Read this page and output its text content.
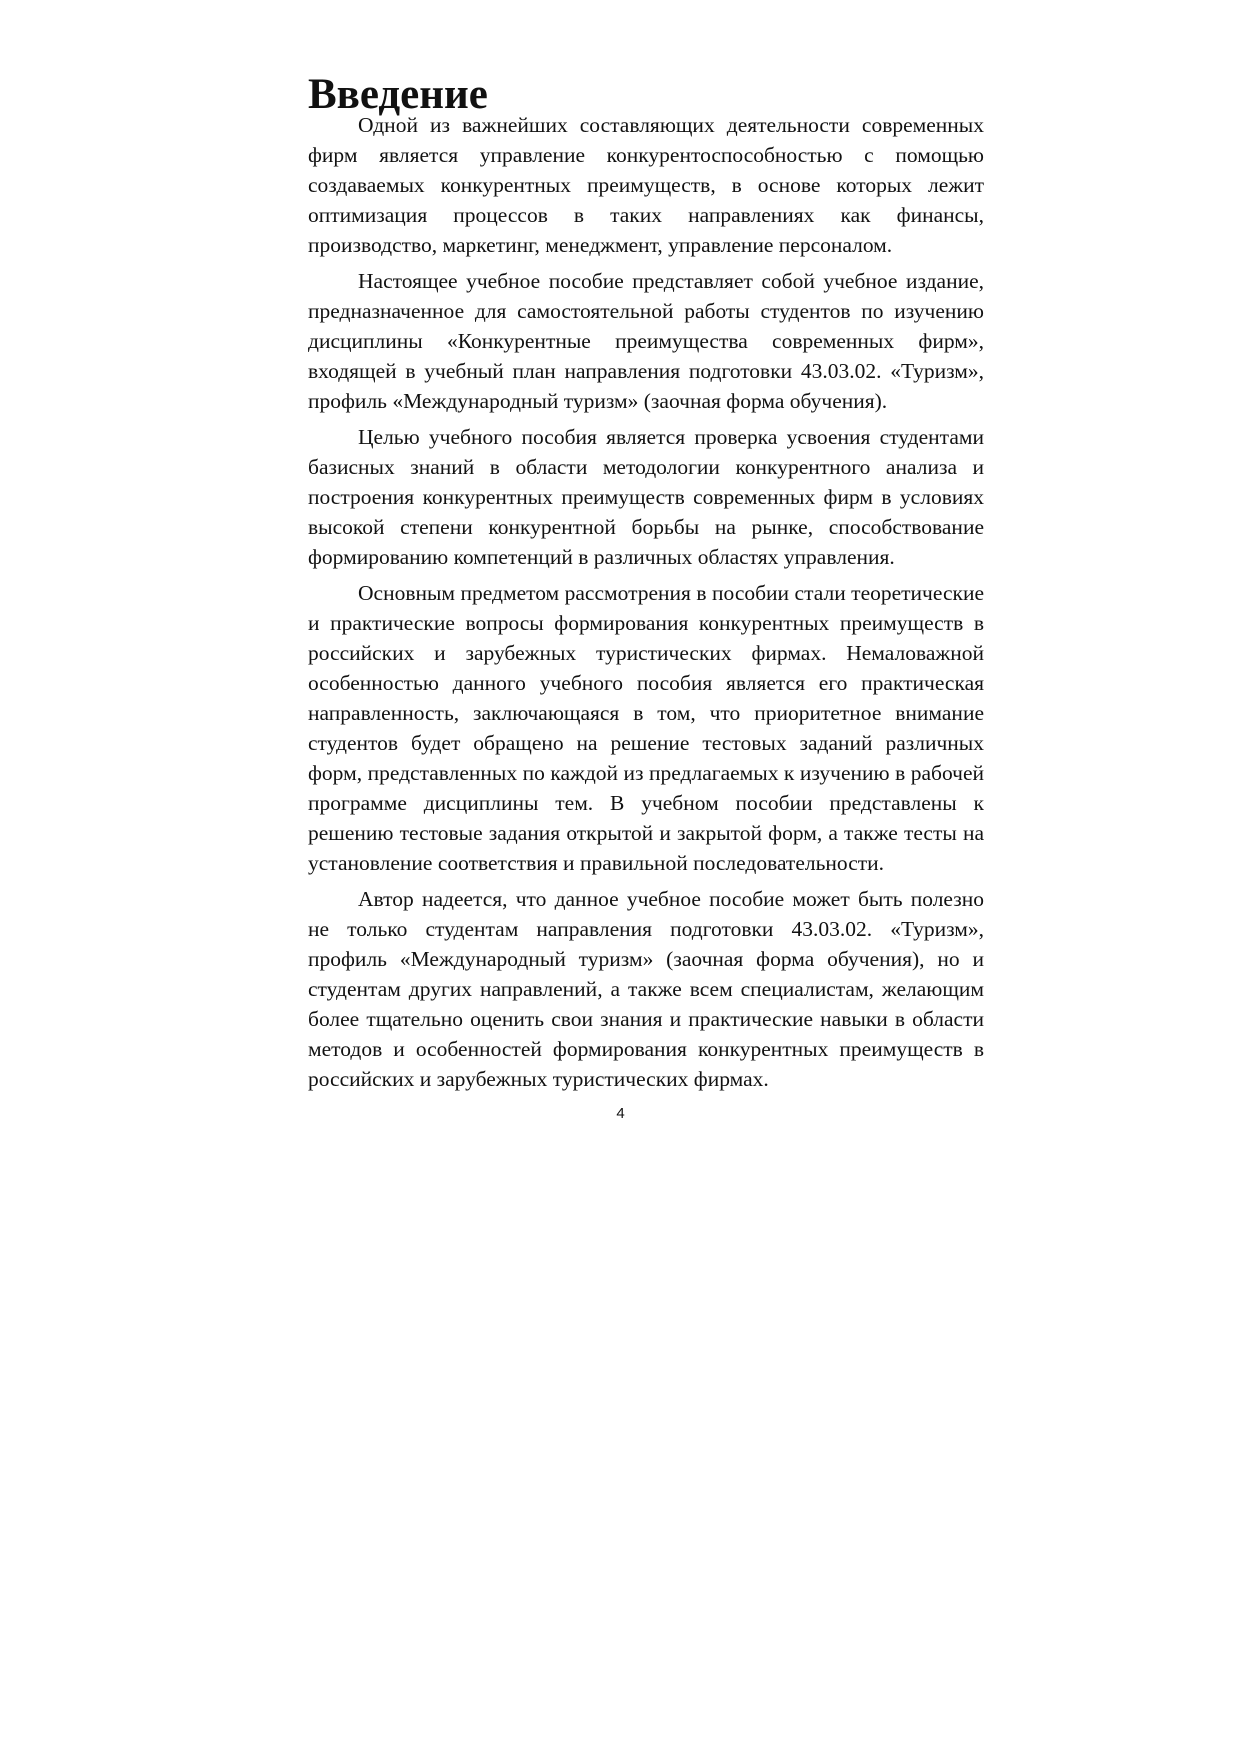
Введение

Одной из важнейших составляющих деятельности современных фирм является управление конкурентоспособностью с помощью создаваемых конкурентных преимуществ, в основе которых лежит оптимизация процессов в таких направлениях как финансы, производство, маркетинг, менеджмент, управление персоналом.

Настоящее учебное пособие представляет собой учебное издание, предназначенное для самостоятельной работы студентов по изучению дисциплины «Конкурентные преимущества современных фирм», входящей в учебный план направления подготовки 43.03.02. «Туризм», профиль «Международный туризм» (заочная форма обучения).

Целью учебного пособия является проверка усвоения студентами базисных знаний в области методологии конкурентного анализа и построения конкурентных преимуществ современных фирм в условиях высокой степени конкурентной борьбы на рынке, способствование формированию компетенций в различных областях управления.

Основным предметом рассмотрения в пособии стали теоретические и практические вопросы формирования конкурентных преимуществ в российских и зарубежных туристических фирмах. Немаловажной особенностью данного учебного пособия является его практическая направленность, заключающаяся в том, что приоритетное внимание студентов будет обращено на решение тестовых заданий различных форм, представленных по каждой из предлагаемых к изучению в рабочей программе дисциплины тем. В учебном пособии представлены к решению тестовые задания открытой и закрытой форм, а также тесты на установление соответствия и правильной последовательности.

Автор надеется, что данное учебное пособие может быть полезно не только студентам направления подготовки 43.03.02. «Туризм», профиль «Международный туризм» (заочная форма обучения), но и студентам других направлений, а также всем специалистам, желающим более тщательно оценить свои знания и практические навыки в области методов и особенностей формирования конкурентных преимуществ в российских и зарубежных туристических фирмах.

4
